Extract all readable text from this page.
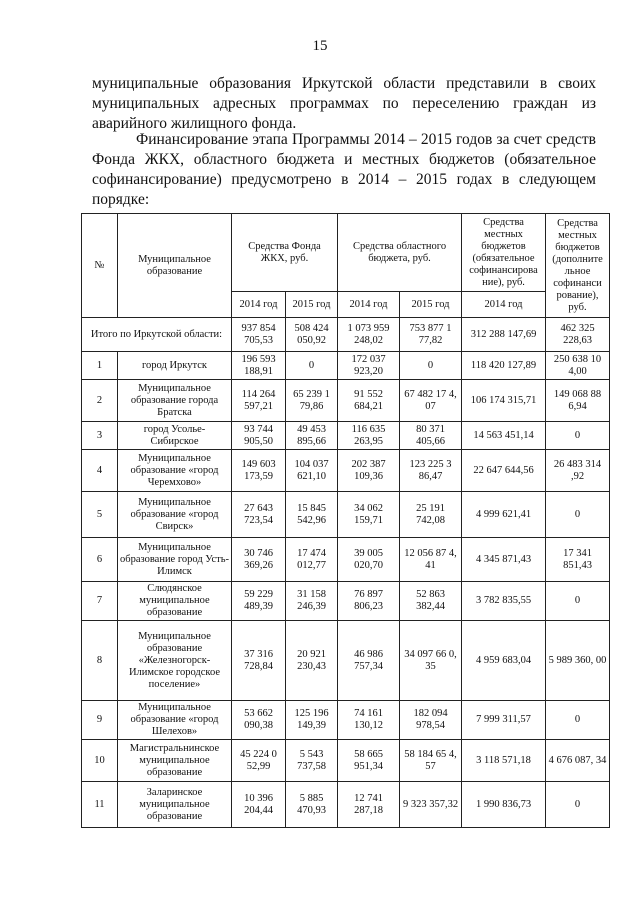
15

муниципальные образования Иркутской области представили в своих муниципальных адресных программах по переселению граждан из аварийного жилищного фонда.

Финансирование этапа Программы 2014 – 2015 годов за счет средств Фонда ЖКХ, областного бюджета и местных бюджетов (обязательное софинансирование) предусмотрено в 2014 – 2015 годах в следующем порядке:

№	Муниципальное образование	Средства Фонда ЖКХ, руб.		Средства областного бюджета, руб.		Средства местных бюджетов (обязательное софинансирова ние), руб.	Средства местных бюджетов (дополните льное софинанси рование), руб.
		2014 год	2015 год	2014 год	2015 год	2014 год	
Итого по Иркутской области:		937 854 705,53	508 424 050,92	1 073 959 248,02	753 877 1 77,82	312 288 147,69	462 325 228,63
1	город Иркутск	196 593 188,91	0	172 037 923,20	0	118 420 127,89	250 638 10 4,00
2	Муниципальное образование города Братска	114 264 597,21	65 239 1 79,86	91 552 684,21	67 482 17 4, 07	106 174 315,71	149 068 88 6,94
3	город Усолье-Сибирское	93 744 905,50	49 453 895,66	116 635 263,95	80 371 405,66	14 563 451,14	0
4	Муниципальное образование «город Черемхово»	149 603 173,59	104 037 621,10	202 387 109,36	123 225 3 86,47	22 647 644,56	26 483 314 ,92
5	Муниципальное образование «город Свирск»	27 643 723,54	15 845 542,96	34 062 159,71	25 191 742,08	4 999 621,41	0
6	Муниципальное образование город Усть-Илимск	30 746 369,26	17 474 012,77	39 005 020,70	12 056 87 4, 41	4 345 871,43	17 341 851,43
7	Слюдянское муниципальное образование	59 229 489,39	31 158 246,39	76 897 806,23	52 863 382,44	3 782 835,55	0
8	Муниципальное образование «Железногорск-Илимское городское поселение»	37 316 728,84	20 921 230,43	46 986 757,34	34 097 66 0, 35	4 959 683,04	5 989 360, 00
9	Муниципальное образование «город Шелехов»	53 662 090,38	125 196 149,39	74 161 130,12	182 094 978,54	7 999 311,57	0
10	Магистральнинское муниципальное образование	45 224 0 52,99	5 543 737,58	58 665 951,34	58 184 65 4, 57	3 118 571,18	4 676 087, 34
11	Заларинское муниципальное образование	10 396 204,44	5 885 470,93	12 741 287,18	9 323 357,32	1 990 836,73	0
